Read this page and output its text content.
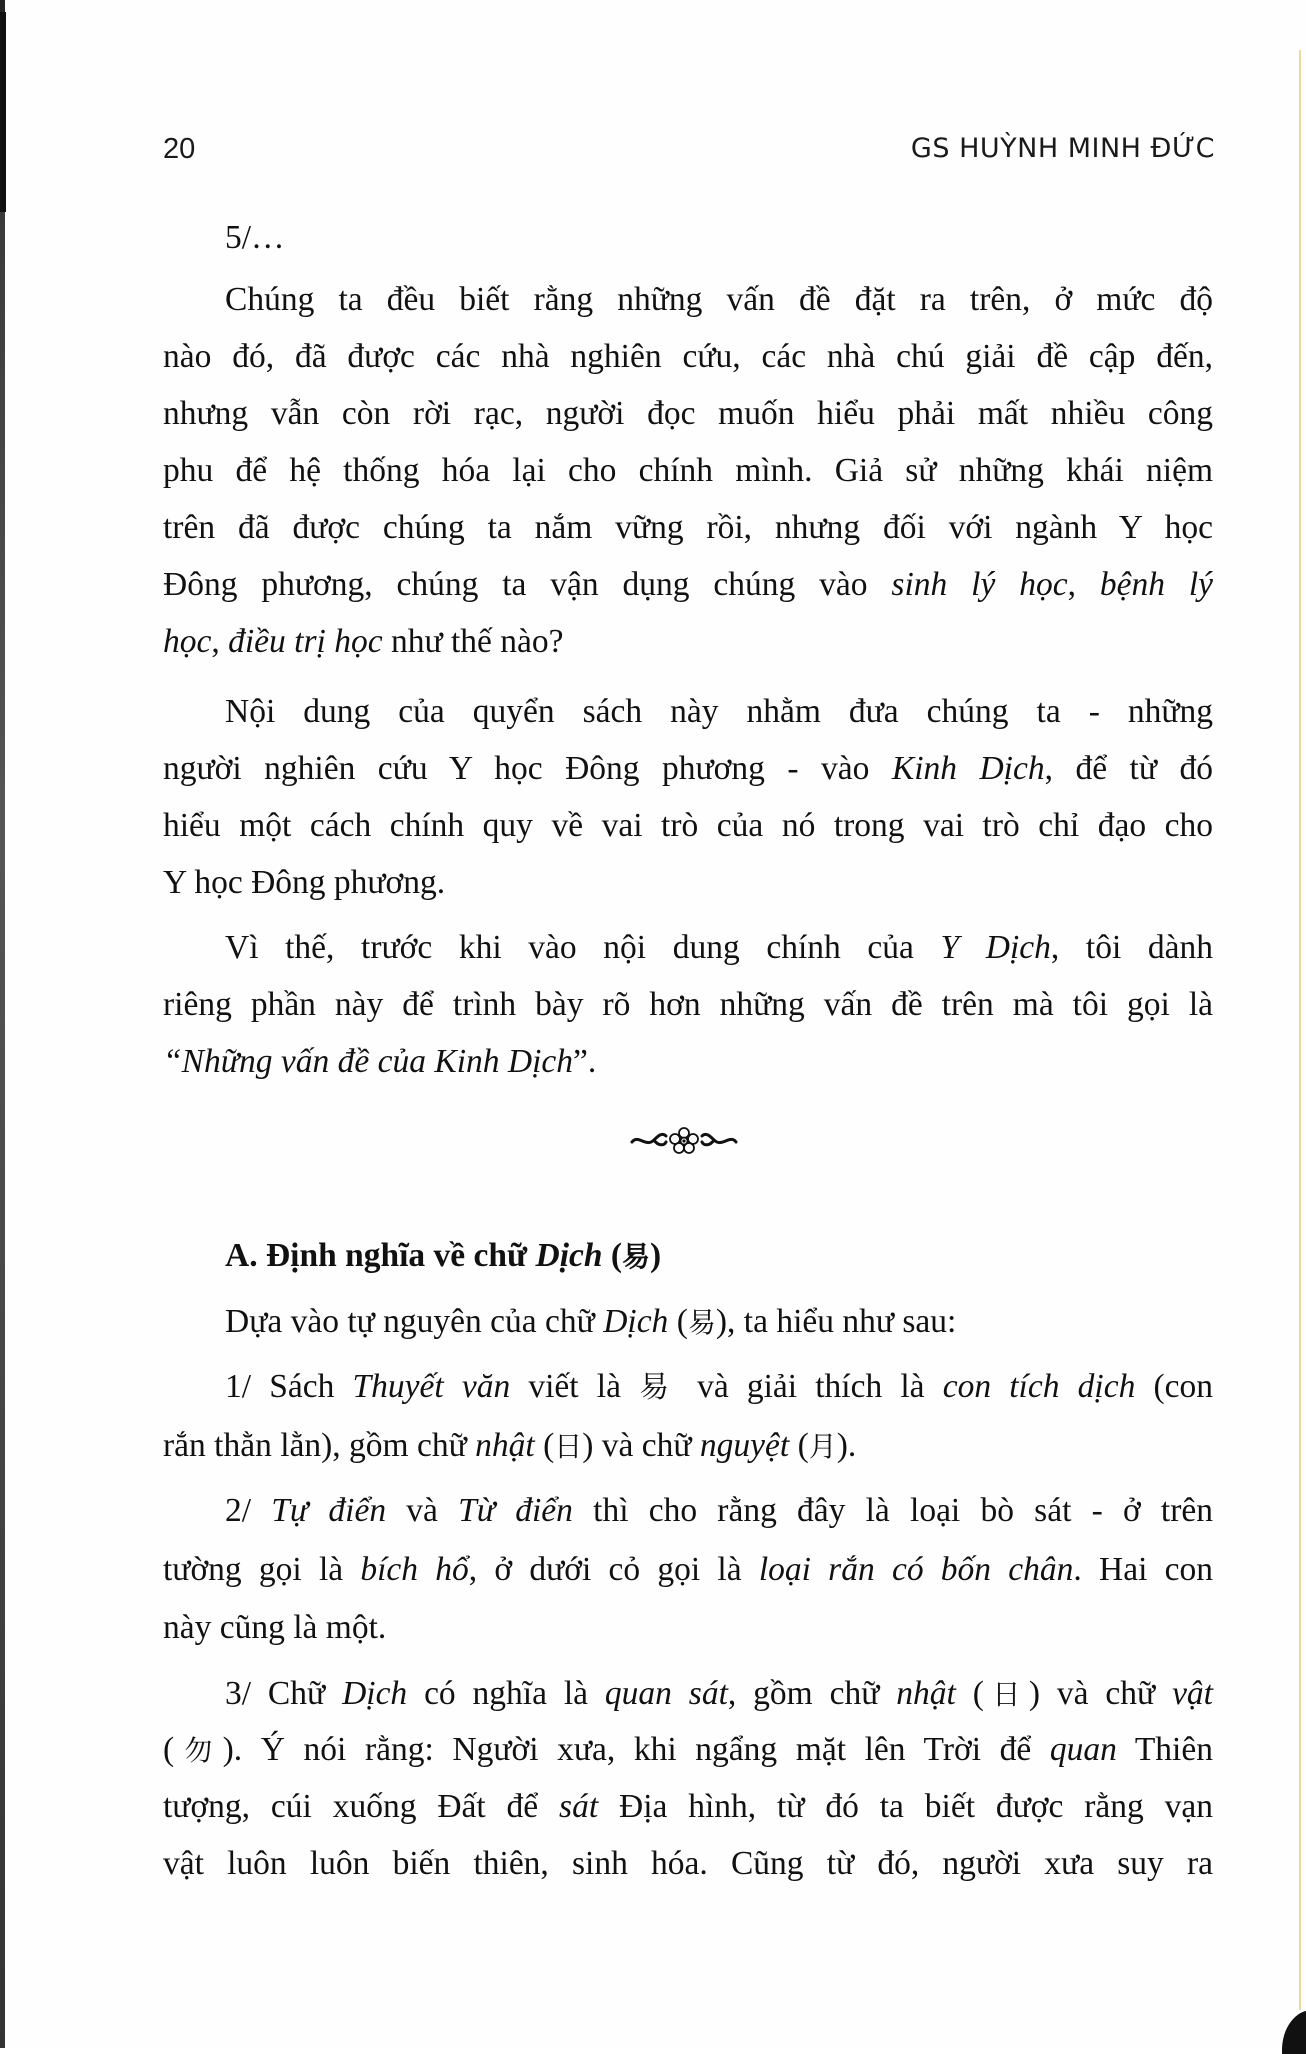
20	GS HUỲNH MINH ĐỨC
5/…
Chúng ta đều biết rằng những vấn đề đặt ra trên, ở mức độ
nào đó, đã được các nhà nghiên cứu, các nhà chú giải đề cập đến,
nhưng vẫn còn rời rạc, người đọc muốn hiểu phải mất nhiều công
phu để hệ thống hóa lại cho chính mình. Giả sử những khái niệm
trên đã được chúng ta nắm vững rồi, nhưng đối với ngành Y học
Đông phương, chúng ta vận dụng chúng vào sinh lý học, bệnh lý
học, điều trị học như thế nào?
Nội dung của quyển sách này nhằm đưa chúng ta - những
người nghiên cứu Y học Đông phương - vào Kinh Dịch, để từ đó
hiểu một cách chính quy về vai trò của nó trong vai trò chỉ đạo cho
Y học Đông phương.
Vì thế, trước khi vào nội dung chính của Y Dịch, tôi dành
riêng phần này để trình bày rõ hơn những vấn đề trên mà tôi gọi là
“Những vấn đề của Kinh Dịch”.
A. Định nghĩa về chữ Dịch (易)
Dựa vào tự nguyên của chữ Dịch (易), ta hiểu như sau:
1/ Sách Thuyết văn viết là 易 và giải thích là con tích dịch (con
rắn thằn lằn), gồm chữ nhật (日) và chữ nguyệt (月).
2/ Tự điển và Từ điển thì cho rằng đây là loại bò sát - ở trên
tường gọi là bích hổ, ở dưới cỏ gọi là loại rắn có bốn chân. Hai con
này cũng là một.
3/ Chữ Dịch có nghĩa là quan sát, gồm chữ nhật (日) và chữ vật
(勿). Ý nói rằng: Người xưa, khi ngẩng mặt lên Trời để quan Thiên
tượng, cúi xuống Đất để sát Địa hình, từ đó ta biết được rằng vạn
vật luôn luôn biến thiên, sinh hóa. Cũng từ đó, người xưa suy ra
